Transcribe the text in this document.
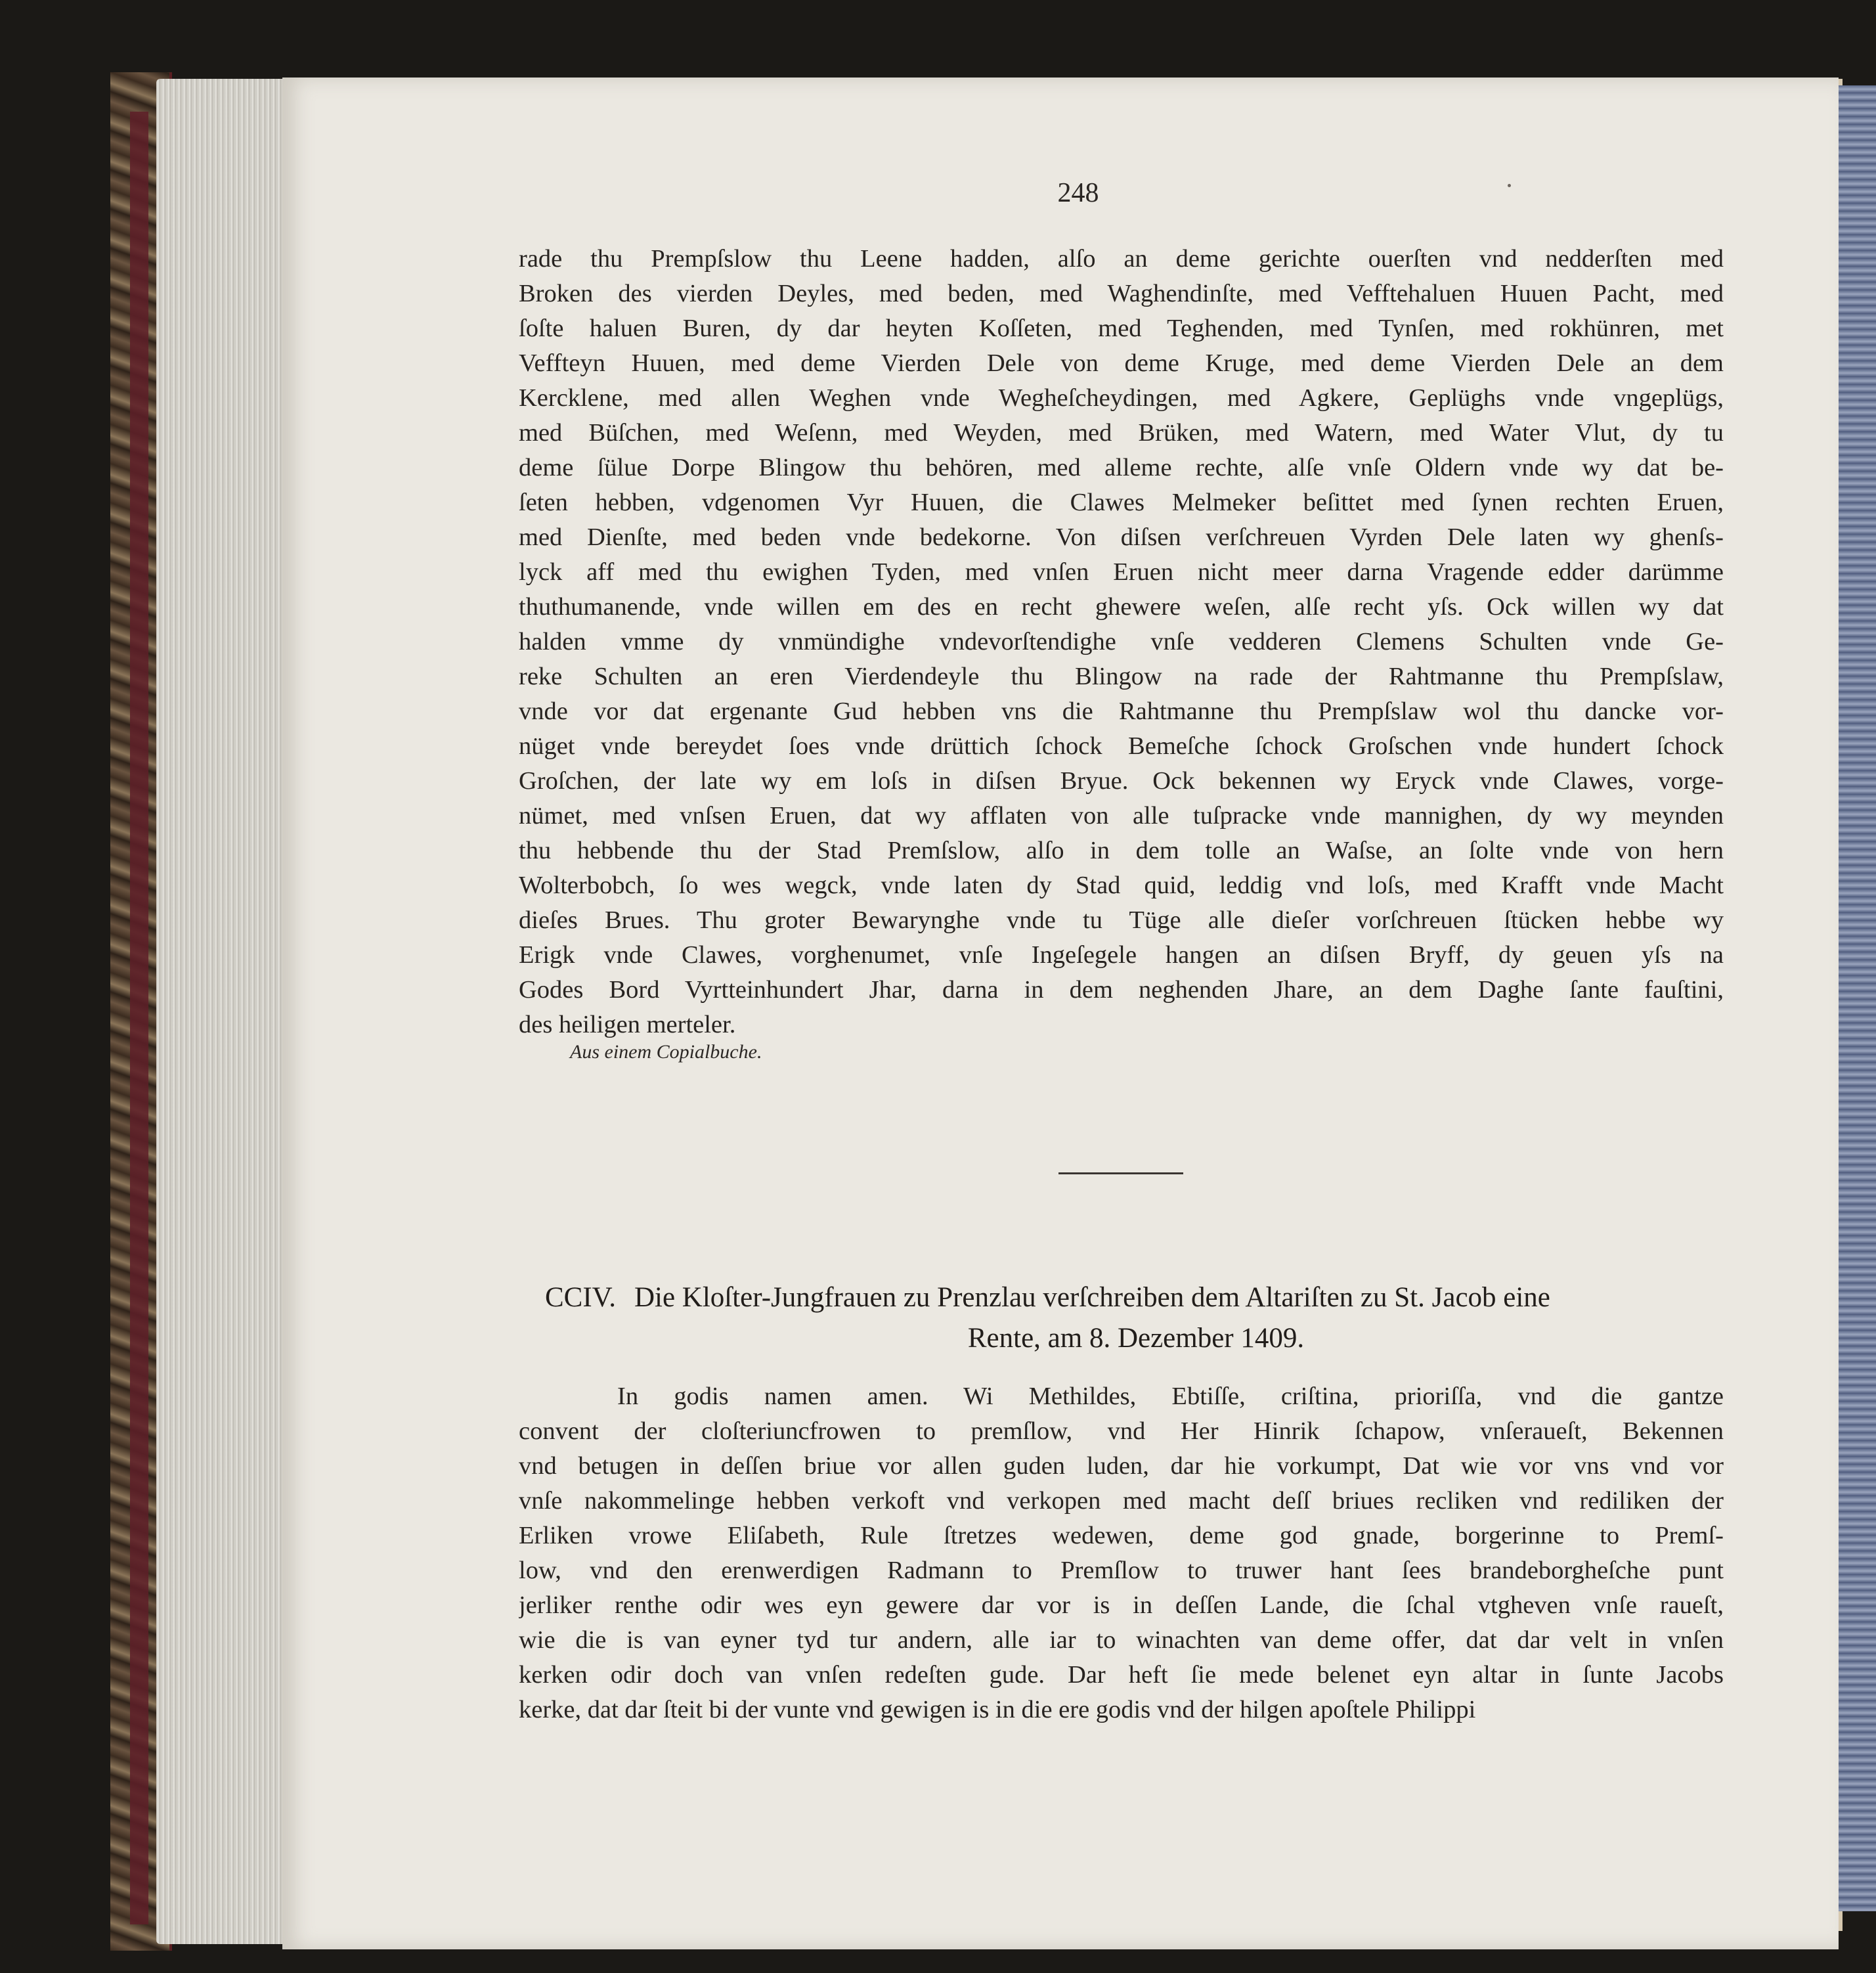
248
rade thu Prempſslow thu Leene hadden, alſo an deme gerichte ouerſten vnd nedderſten med
Broken des vierden Deyles, med beden, med Waghendinſte, med Vefftehaluen Huuen Pacht, med
ſoſte haluen Buren, dy dar heyten Koſſeten, med Teghenden, med Tynſen, med rokhünren, met
Veffteyn Huuen, med deme Vierden Dele von deme Kruge, med deme Vierden Dele an dem
Kercklene, med allen Weghen vnde Wegheſcheydingen, med Agkere, Geplüghs vnde vngeplügs,
med Büſchen, med Weſenn, med Weyden, med Brüken, med Watern, med Water Vlut, dy tu
deme ſülue Dorpe Blingow thu behören, med alleme rechte, alſe vnſe Oldern vnde wy dat be-
ſeten hebben, vdgenomen Vyr Huuen, die Clawes Melmeker beſittet med ſynen rechten Eruen,
med Dienſte, med beden vnde bedekorne. Von diſsen verſchreuen Vyrden Dele laten wy ghenſs-
lyck aff med thu ewighen Tyden, med vnſen Eruen nicht meer darna Vragende edder darümme
thuthumanende, vnde willen em des en recht ghewere weſen, alſe recht yſs. Ock willen wy dat
halden vmme dy vnmündighe vndevorſtendighe vnſe vedderen Clemens Schulten vnde Ge-
reke Schulten an eren Vierdendeyle thu Blingow na rade der Rahtmanne thu Prempſslaw,
vnde vor dat ergenante Gud hebben vns die Rahtmanne thu Prempſslaw wol thu dancke vor-
nüget vnde bereydet ſoes vnde drüttich ſchock Bemeſche ſchock Groſschen vnde hundert ſchock
Groſchen, der late wy em loſs in diſsen Bryue. Ock bekennen wy Eryck vnde Clawes, vorge-
nümet, med vnſsen Eruen, dat wy afflaten von alle tuſpracke vnde mannighen, dy wy meynden
thu hebbende thu der Stad Premſslow, alſo in dem tolle an Waſse, an ſolte vnde von hern
Wolterbobch, ſo wes wegck, vnde laten dy Stad quid, leddig vnd loſs, med Krafft vnde Macht
dieſes Brues. Thu groter Bewarynghe vnde tu Tüge alle dieſer vorſchreuen ſtücken hebbe wy
Erigk vnde Clawes, vorghenumet, vnſe Ingeſegele hangen an diſsen Bryff, dy geuen yſs na
Godes Bord Vyrtteinhundert Jhar, darna in dem neghenden Jhare, an dem Daghe ſante fauſtini,
des heiligen merteler.
Aus einem Copialbuche.
CCIV. Die Kloſter-Jungfrauen zu Prenzlau verſchreiben dem Altariſten zu St. Jacob eine
Rente, am 8. Dezember 1409.
In godis namen amen. Wi Methildes, Ebtiſſe, criſtina, prioriſſa, vnd die gantze
convent der cloſteriuncfrowen to premſlow, vnd Her Hinrik ſchapow, vnſeraueſt, Bekennen
vnd betugen in deſſen briue vor allen guden luden, dar hie vorkumpt, Dat wie vor vns vnd vor
vnſe nakommelinge hebben verkoft vnd verkopen med macht deſſ briues recliken vnd rediliken der
Erliken vrowe Eliſabeth, Rule ſtretzes wedewen, deme god gnade, borgerinne to Premſ-
low, vnd den erenwerdigen Radmann to Premſlow to truwer hant ſees brandeborgheſche punt
jerliker renthe odir wes eyn gewere dar vor is in deſſen Lande, die ſchal vtgheven vnſe raueſt,
wie die is van eyner tyd tur andern, alle iar to winachten van deme offer, dat dar velt in vnſen
kerken odir doch van vnſen redeſten gude. Dar heft ſie mede belenet eyn altar in ſunte Jacobs
kerke, dat dar ſteit bi der vunte vnd gewigen is in die ere godis vnd der hilgen apoſtele Philippi
